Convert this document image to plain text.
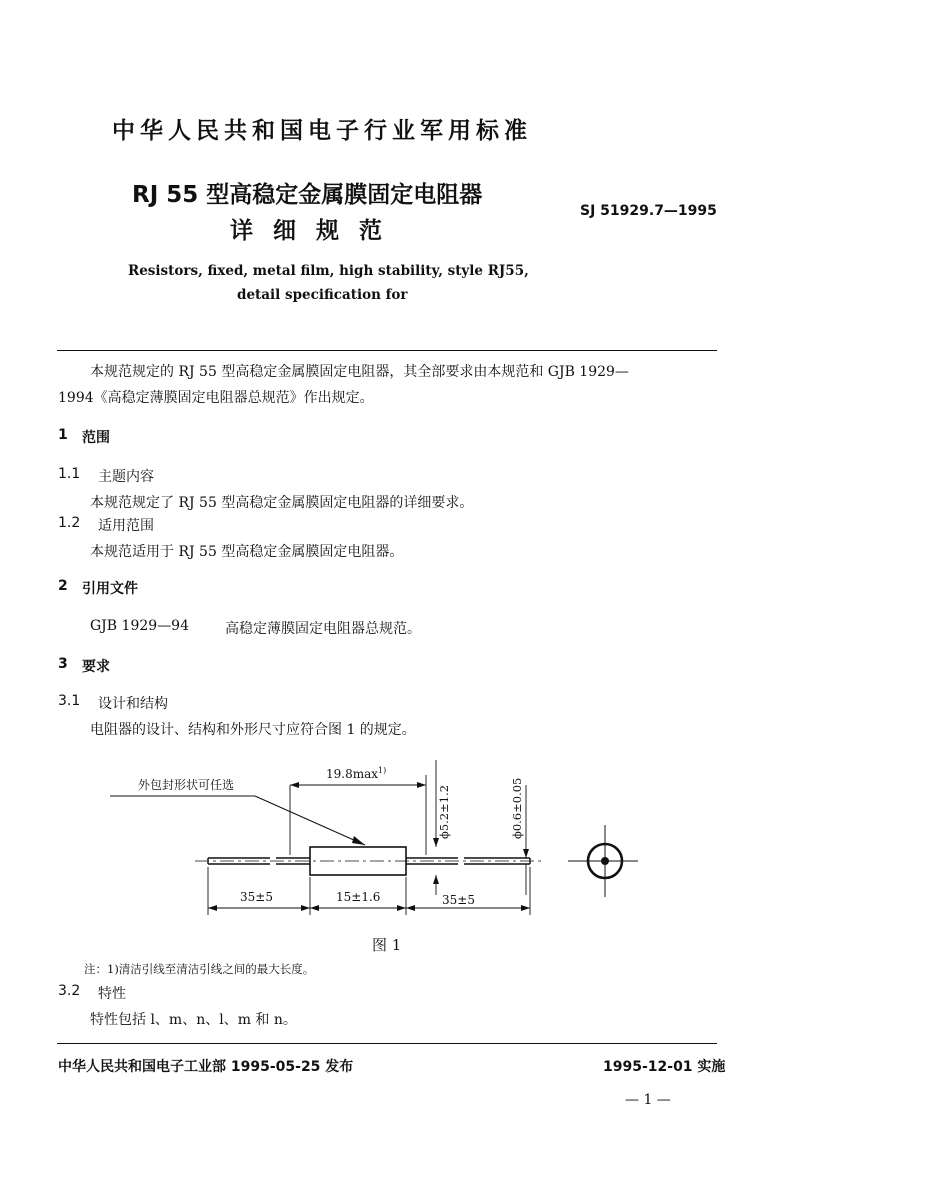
中华人民共和国电子行业军用标准
RJ 55 型高稳定金属膜固定电阻器
详 细 规 范
SJ 51929.7—1995
Resistors, fixed, metal film, high stability, style RJ55,
detail specification for
本规范规定的 RJ 55 型高稳定金属膜固定电阻器，其全部要求由本规范和 GJB 1929—
1994《高稳定薄膜固定电阻器总规范》作出规定。
1 范围
1.1 主题内容
本规范规定了 RJ 55 型高稳定金属膜固定电阻器的详细要求。
1.2 适用范围
本规范适用于 RJ 55 型高稳定金属膜固定电阻器。
2 引用文件
GJB 1929—94	高稳定薄膜固定电阻器总规范。
3 要求
3.1 设计和结构
电阻器的设计、结构和外形尺寸应符合图 1 的规定。
外包封形状可任选
$19.8\max^{1)}$
ϕ5.2±1.2	ϕ0.6±0.05
35±5	15±1.6	35±5
图 1
注：1)清洁引线至清洁引线之间的最大长度。
3.2 特性
特性包括 l、m、n、l、m 和 n。
中华人民共和国电子工业部 1995-05-25 发布	1995-12-01 实施
— 1 —
